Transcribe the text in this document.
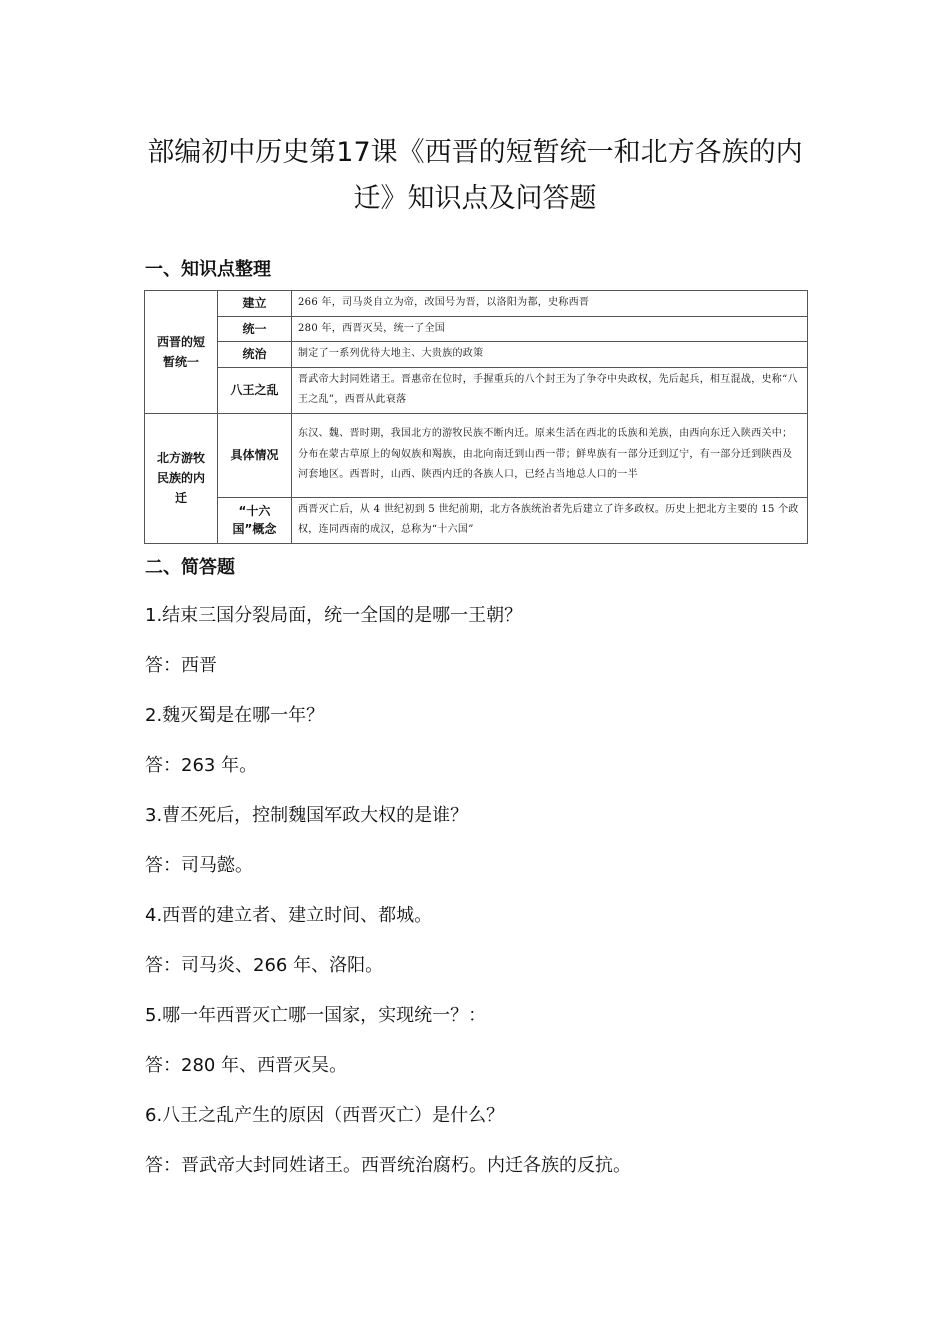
部编初中历史第17课《西晋的短暂统一和北方各族的内
迁》知识点及问答题
一、知识点整理
西晋的短暂统一	建立	266 年，司马炎自立为帝，改国号为晋，以洛阳为都，史称西晋
	统一	280 年，西晋灭吴，统一了全国
	统治	制定了一系列优待大地主、大贵族的政策
	八王之乱	晋武帝大封同姓诸王。晋惠帝在位时，手握重兵的八个封王为了争夺中央政权，先后起兵，相互混战，史称“八王之乱”，西晋从此衰落
北方游牧民族的内迁	具体情况	东汉、魏、晋时期，我国北方的游牧民族不断内迁。原来生活在西北的氐族和羌族，由西向东迁入陕西关中；分布在蒙古草原上的匈奴族和羯族，由北向南迁到山西一带；鲜卑族有一部分迁到辽宁，有一部分迁到陕西及河套地区。西晋时，山西、陕西内迁的各族人口，已经占当地总人口的一半
	“十六国”概念	西晋灭亡后，从 4 世纪初到 5 世纪前期，北方各族统治者先后建立了许多政权。历史上把北方主要的 15 个政权，连同西南的成汉，总称为“十六国”
二、简答题
1.结束三国分裂局面，统一全国的是哪一王朝？
答：西晋
2.魏灭蜀是在哪一年？
答：263 年。
3.曹丕死后，控制魏国军政大权的是谁？
答：司马懿。
4.西晋的建立者、建立时间、都城。
答：司马炎、266 年、洛阳。
5.哪一年西晋灭亡哪一国家，实现统一？：
答：280 年、西晋灭吴。
6.八王之乱产生的原因（西晋灭亡）是什么？
答：晋武帝大封同姓诸王。西晋统治腐朽。内迁各族的反抗。
